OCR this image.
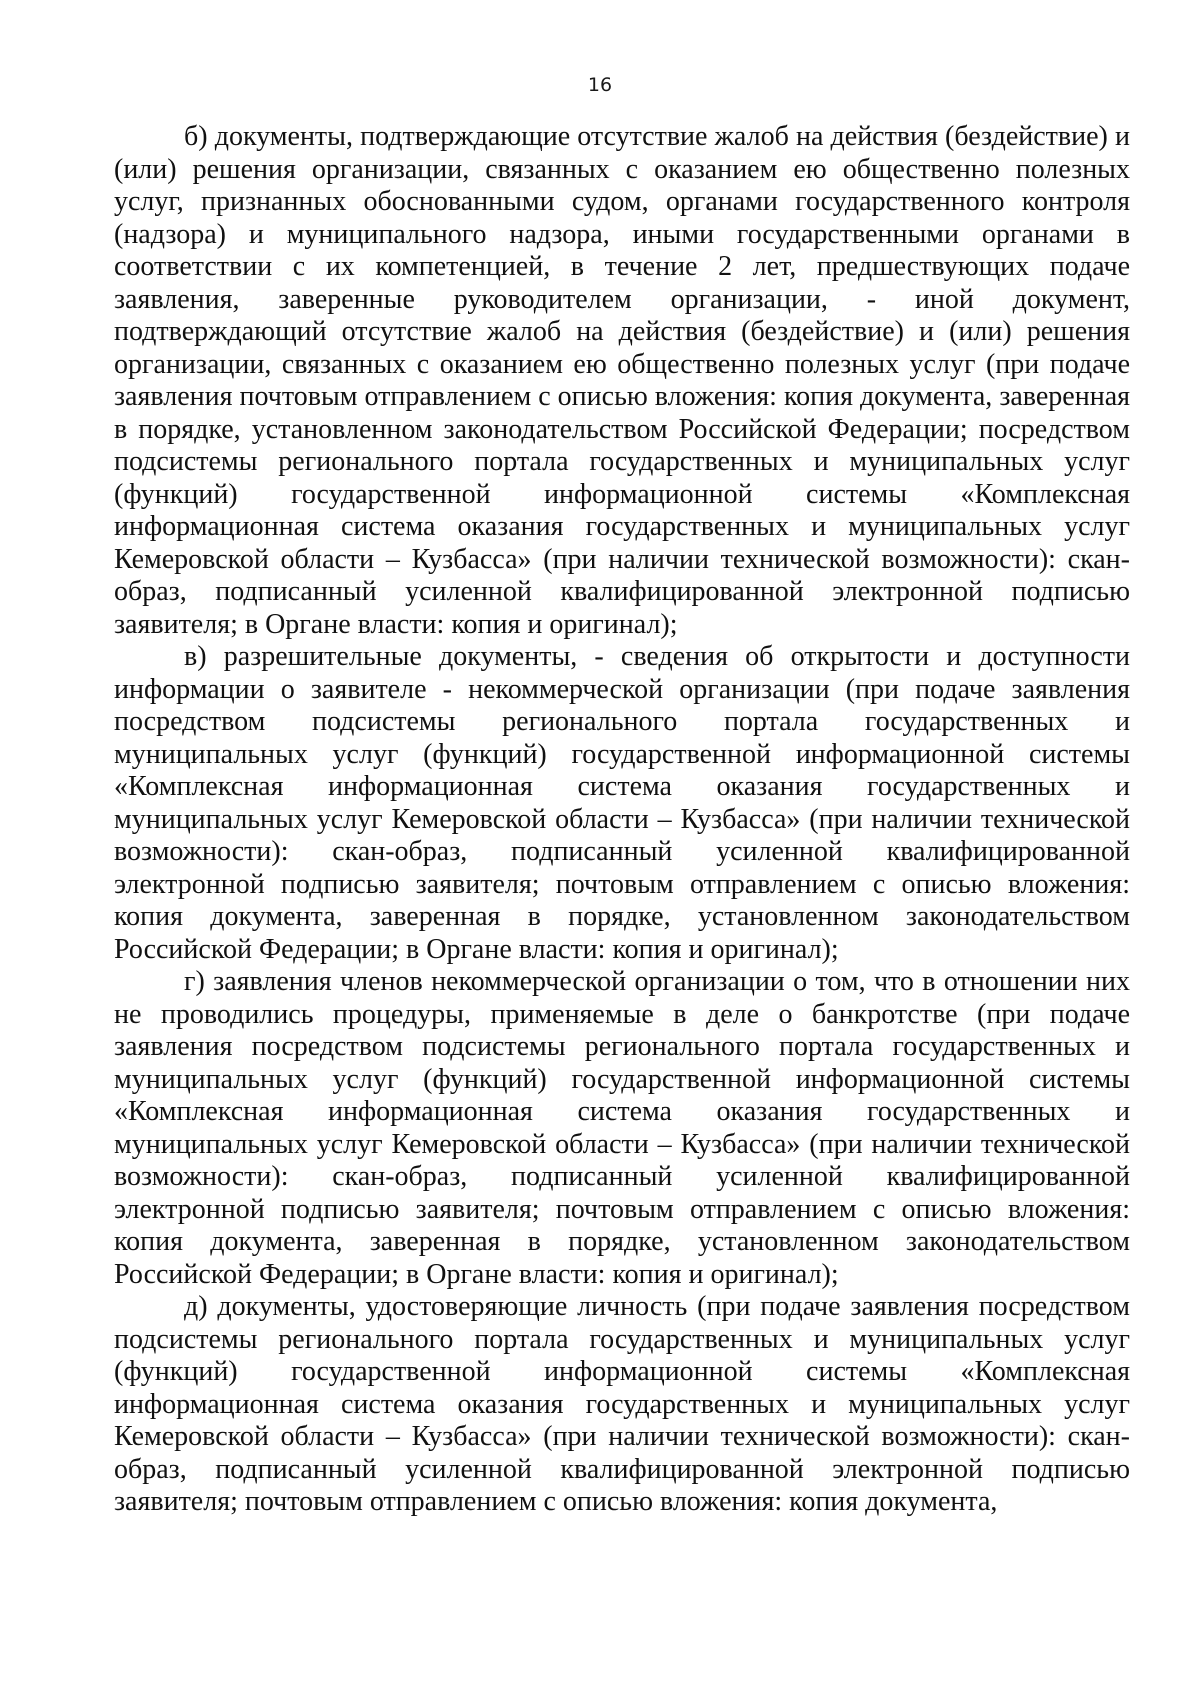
16

б) документы, подтверждающие отсутствие жалоб на действия (бездействие) и (или) решения организации, связанных с оказанием ею общественно полезных услуг, признанных обоснованными судом, органами государственного контроля (надзора) и муниципального надзора, иными государственными органами в соответствии с их компетенцией, в течение 2 лет, предшествующих подаче заявления, заверенные руководителем организации, - иной документ, подтверждающий отсутствие жалоб на действия (бездействие) и (или) решения организации, связанных с оказанием ею общественно полезных услуг (при подаче заявления почтовым отправлением с описью вложения: копия документа, заверенная в порядке, установленном законодательством Российской Федерации; посредством подсистемы регионального портала государственных и муниципальных услуг (функций) государственной информационной системы «Комплексная информационная система оказания государственных и муниципальных услуг Кемеровской области – Кузбасса» (при наличии технической возможности): скан-образ, подписанный усиленной квалифицированной электронной подписью заявителя; в Органе власти: копия и оригинал);

в) разрешительные документы, - сведения об открытости и доступности информации о заявителе - некоммерческой организации (при подаче заявления посредством подсистемы регионального портала государственных и муниципальных услуг (функций) государственной информационной системы «Комплексная информационная система оказания государственных и муниципальных услуг Кемеровской области – Кузбасса» (при наличии технической возможности): скан-образ, подписанный усиленной квалифицированной электронной подписью заявителя; почтовым отправлением с описью вложения: копия документа, заверенная в порядке, установленном законодательством Российской Федерации; в Органе власти: копия и оригинал);

г) заявления членов некоммерческой организации о том, что в отношении них не проводились процедуры, применяемые в деле о банкротстве (при подаче заявления посредством подсистемы регионального портала государственных и муниципальных услуг (функций) государственной информационной системы «Комплексная информационная система оказания государственных и муниципальных услуг Кемеровской области – Кузбасса» (при наличии технической возможности): скан-образ, подписанный усиленной квалифицированной электронной подписью заявителя; почтовым отправлением с описью вложения: копия документа, заверенная в порядке, установленном законодательством Российской Федерации; в Органе власти: копия и оригинал);

д) документы, удостоверяющие личность (при подаче заявления посредством подсистемы регионального портала государственных и муниципальных услуг (функций) государственной информационной системы «Комплексная информационная система оказания государственных и муниципальных услуг Кемеровской области – Кузбасса» (при наличии технической возможности): скан-образ, подписанный усиленной квалифицированной электронной подписью заявителя; почтовым отправлением с описью вложения: копия документа,
